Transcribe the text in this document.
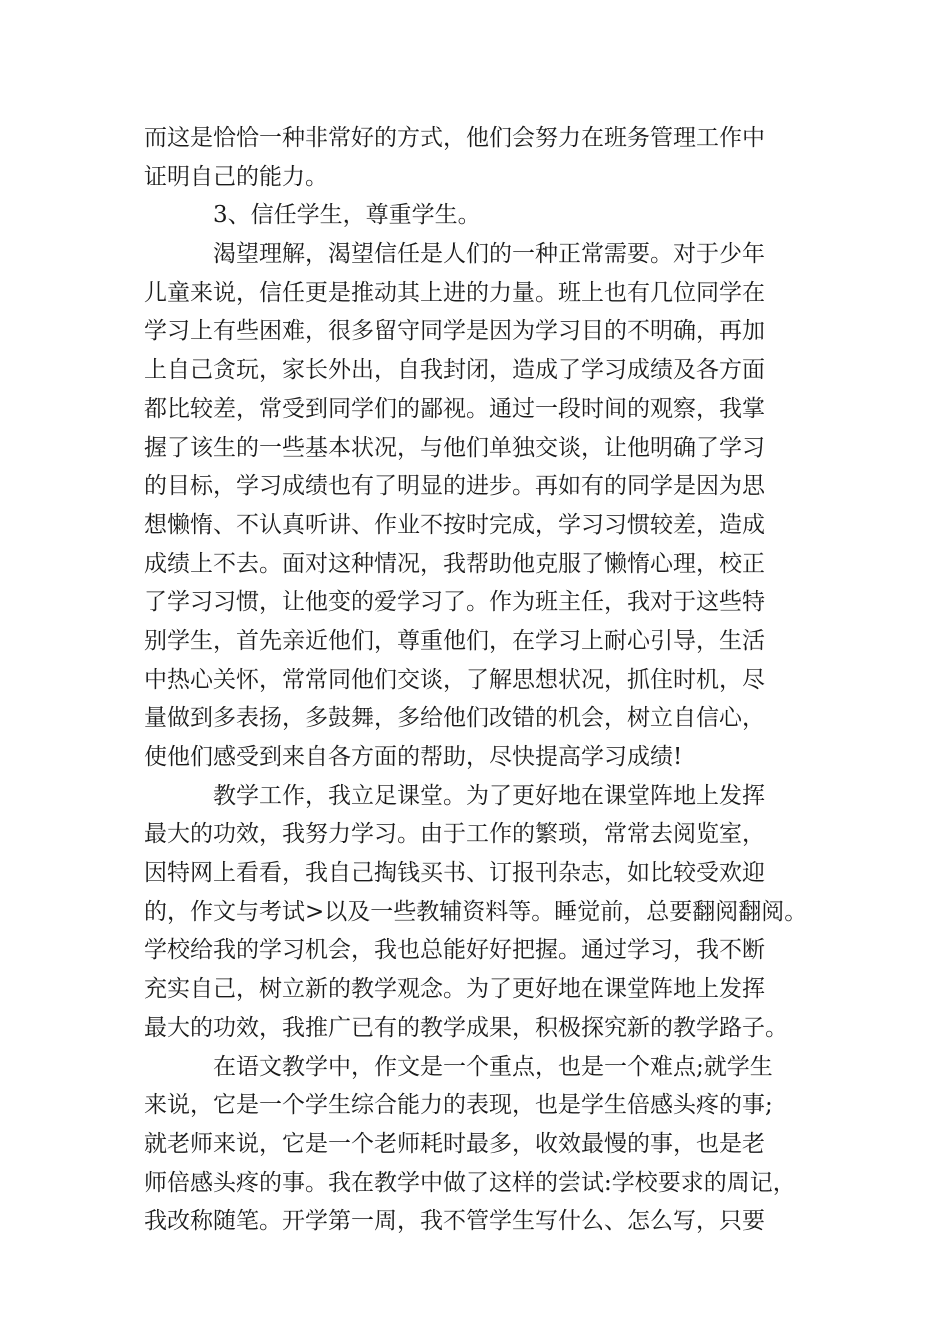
而这是恰恰一种非常好的方式，他们会努力在班务管理工作中
证明自己的能力。
3、信任学生，尊重学生。
渴望理解，渴望信任是人们的一种正常需要。对于少年
儿童来说，信任更是推动其上进的力量。班上也有几位同学在
学习上有些困难，很多留守同学是因为学习目的不明确，再加
上自己贪玩，家长外出，自我封闭，造成了学习成绩及各方面
都比较差，常受到同学们的鄙视。通过一段时间的观察，我掌
握了该生的一些基本状况，与他们单独交谈，让他明确了学习
的目标，学习成绩也有了明显的进步。再如有的同学是因为思
想懒惰、不认真听讲、作业不按时完成，学习习惯较差，造成
成绩上不去。面对这种情况，我帮助他克服了懒惰心理，校正
了学习习惯，让他变的爱学习了。作为班主任，我对于这些特
别学生，首先亲近他们，尊重他们，在学习上耐心引导，生活
中热心关怀，常常同他们交谈，了解思想状况，抓住时机，尽
量做到多表扬，多鼓舞，多给他们改错的机会，树立自信心，
使他们感受到来自各方面的帮助，尽快提高学习成绩!
教学工作，我立足课堂。为了更好地在课堂阵地上发挥
最大的功效，我努力学习。由于工作的繁琐，常常去阅览室，
因特网上看看，我自己掏钱买书、订报刊杂志，如比较受欢迎
的，作文与考试>以及一些教辅资料等。睡觉前，总要翻阅翻阅。
学校给我的学习机会，我也总能好好把握。通过学习，我不断
充实自己，树立新的教学观念。为了更好地在课堂阵地上发挥
最大的功效，我推广已有的教学成果，积极探究新的教学路子。
在语文教学中，作文是一个重点，也是一个难点;就学生
来说，它是一个学生综合能力的表现，也是学生倍感头疼的事;
就老师来说，它是一个老师耗时最多，收效最慢的事，也是老
师倍感头疼的事。我在教学中做了这样的尝试:学校要求的周记，
我改称随笔。开学第一周，我不管学生写什么、怎么写，只要
